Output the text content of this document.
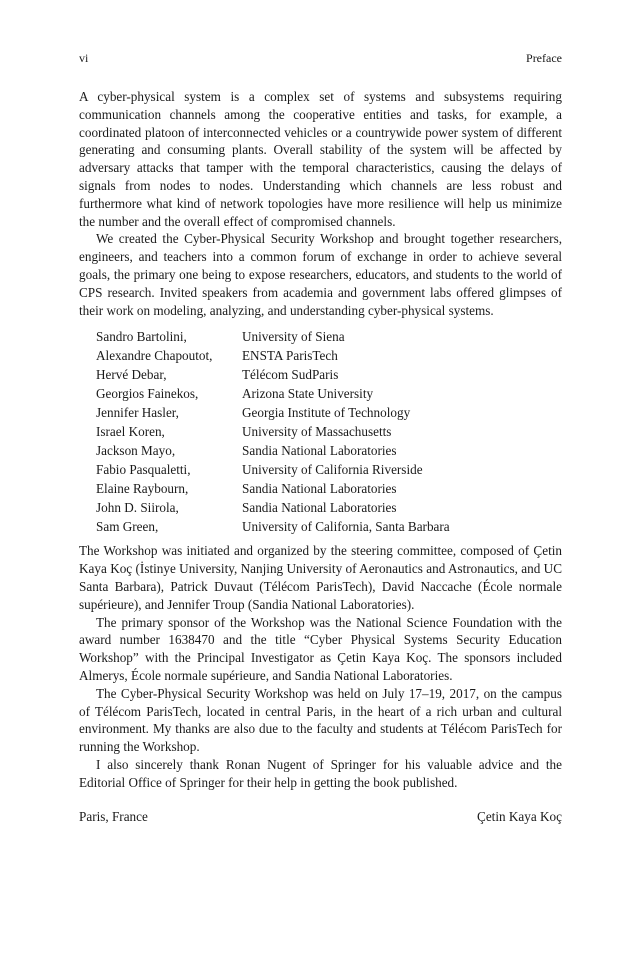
vi	Preface

A cyber-physical system is a complex set of systems and subsystems requiring communication channels among the cooperative entities and tasks, for example, a coordinated platoon of interconnected vehicles or a countrywide power system of different generating and consuming plants. Overall stability of the system will be affected by adversary attacks that tamper with the temporal characteristics, causing the delays of signals from nodes to nodes. Understanding which channels are less robust and furthermore what kind of network topologies have more resilience will help us minimize the number and the overall effect of compromised channels.

We created the Cyber-Physical Security Workshop and brought together researchers, engineers, and teachers into a common forum of exchange in order to achieve several goals, the primary one being to expose researchers, educators, and students to the world of CPS research. Invited speakers from academia and government labs offered glimpses of their work on modeling, analyzing, and understanding cyber-physical systems.

Sandro Bartolini,	University of Siena
Alexandre Chapoutot,	ENSTA ParisTech
Hervé Debar,	Télécom SudParis
Georgios Fainekos,	Arizona State University
Jennifer Hasler,	Georgia Institute of Technology
Israel Koren,	University of Massachusetts
Jackson Mayo,	Sandia National Laboratories
Fabio Pasqualetti,	University of California Riverside
Elaine Raybourn,	Sandia National Laboratories
John D. Siirola,	Sandia National Laboratories
Sam Green,	University of California, Santa Barbara

The Workshop was initiated and organized by the steering committee, composed of Çetin Kaya Koç (İstinye University, Nanjing University of Aeronautics and Astronautics, and UC Santa Barbara), Patrick Duvaut (Télécom ParisTech), David Naccache (École normale supérieure), and Jennifer Troup (Sandia National Laboratories).

The primary sponsor of the Workshop was the National Science Foundation with the award number 1638470 and the title “Cyber Physical Systems Security Education Workshop” with the Principal Investigator as Çetin Kaya Koç. The sponsors included Almerys, École normale supérieure, and Sandia National Laboratories.

The Cyber-Physical Security Workshop was held on July 17–19, 2017, on the campus of Télécom ParisTech, located in central Paris, in the heart of a rich urban and cultural environment. My thanks are also due to the faculty and students at Télécom ParisTech for running the Workshop.

I also sincerely thank Ronan Nugent of Springer for his valuable advice and the Editorial Office of Springer for their help in getting the book published.

Paris, France	Çetin Kaya Koç
